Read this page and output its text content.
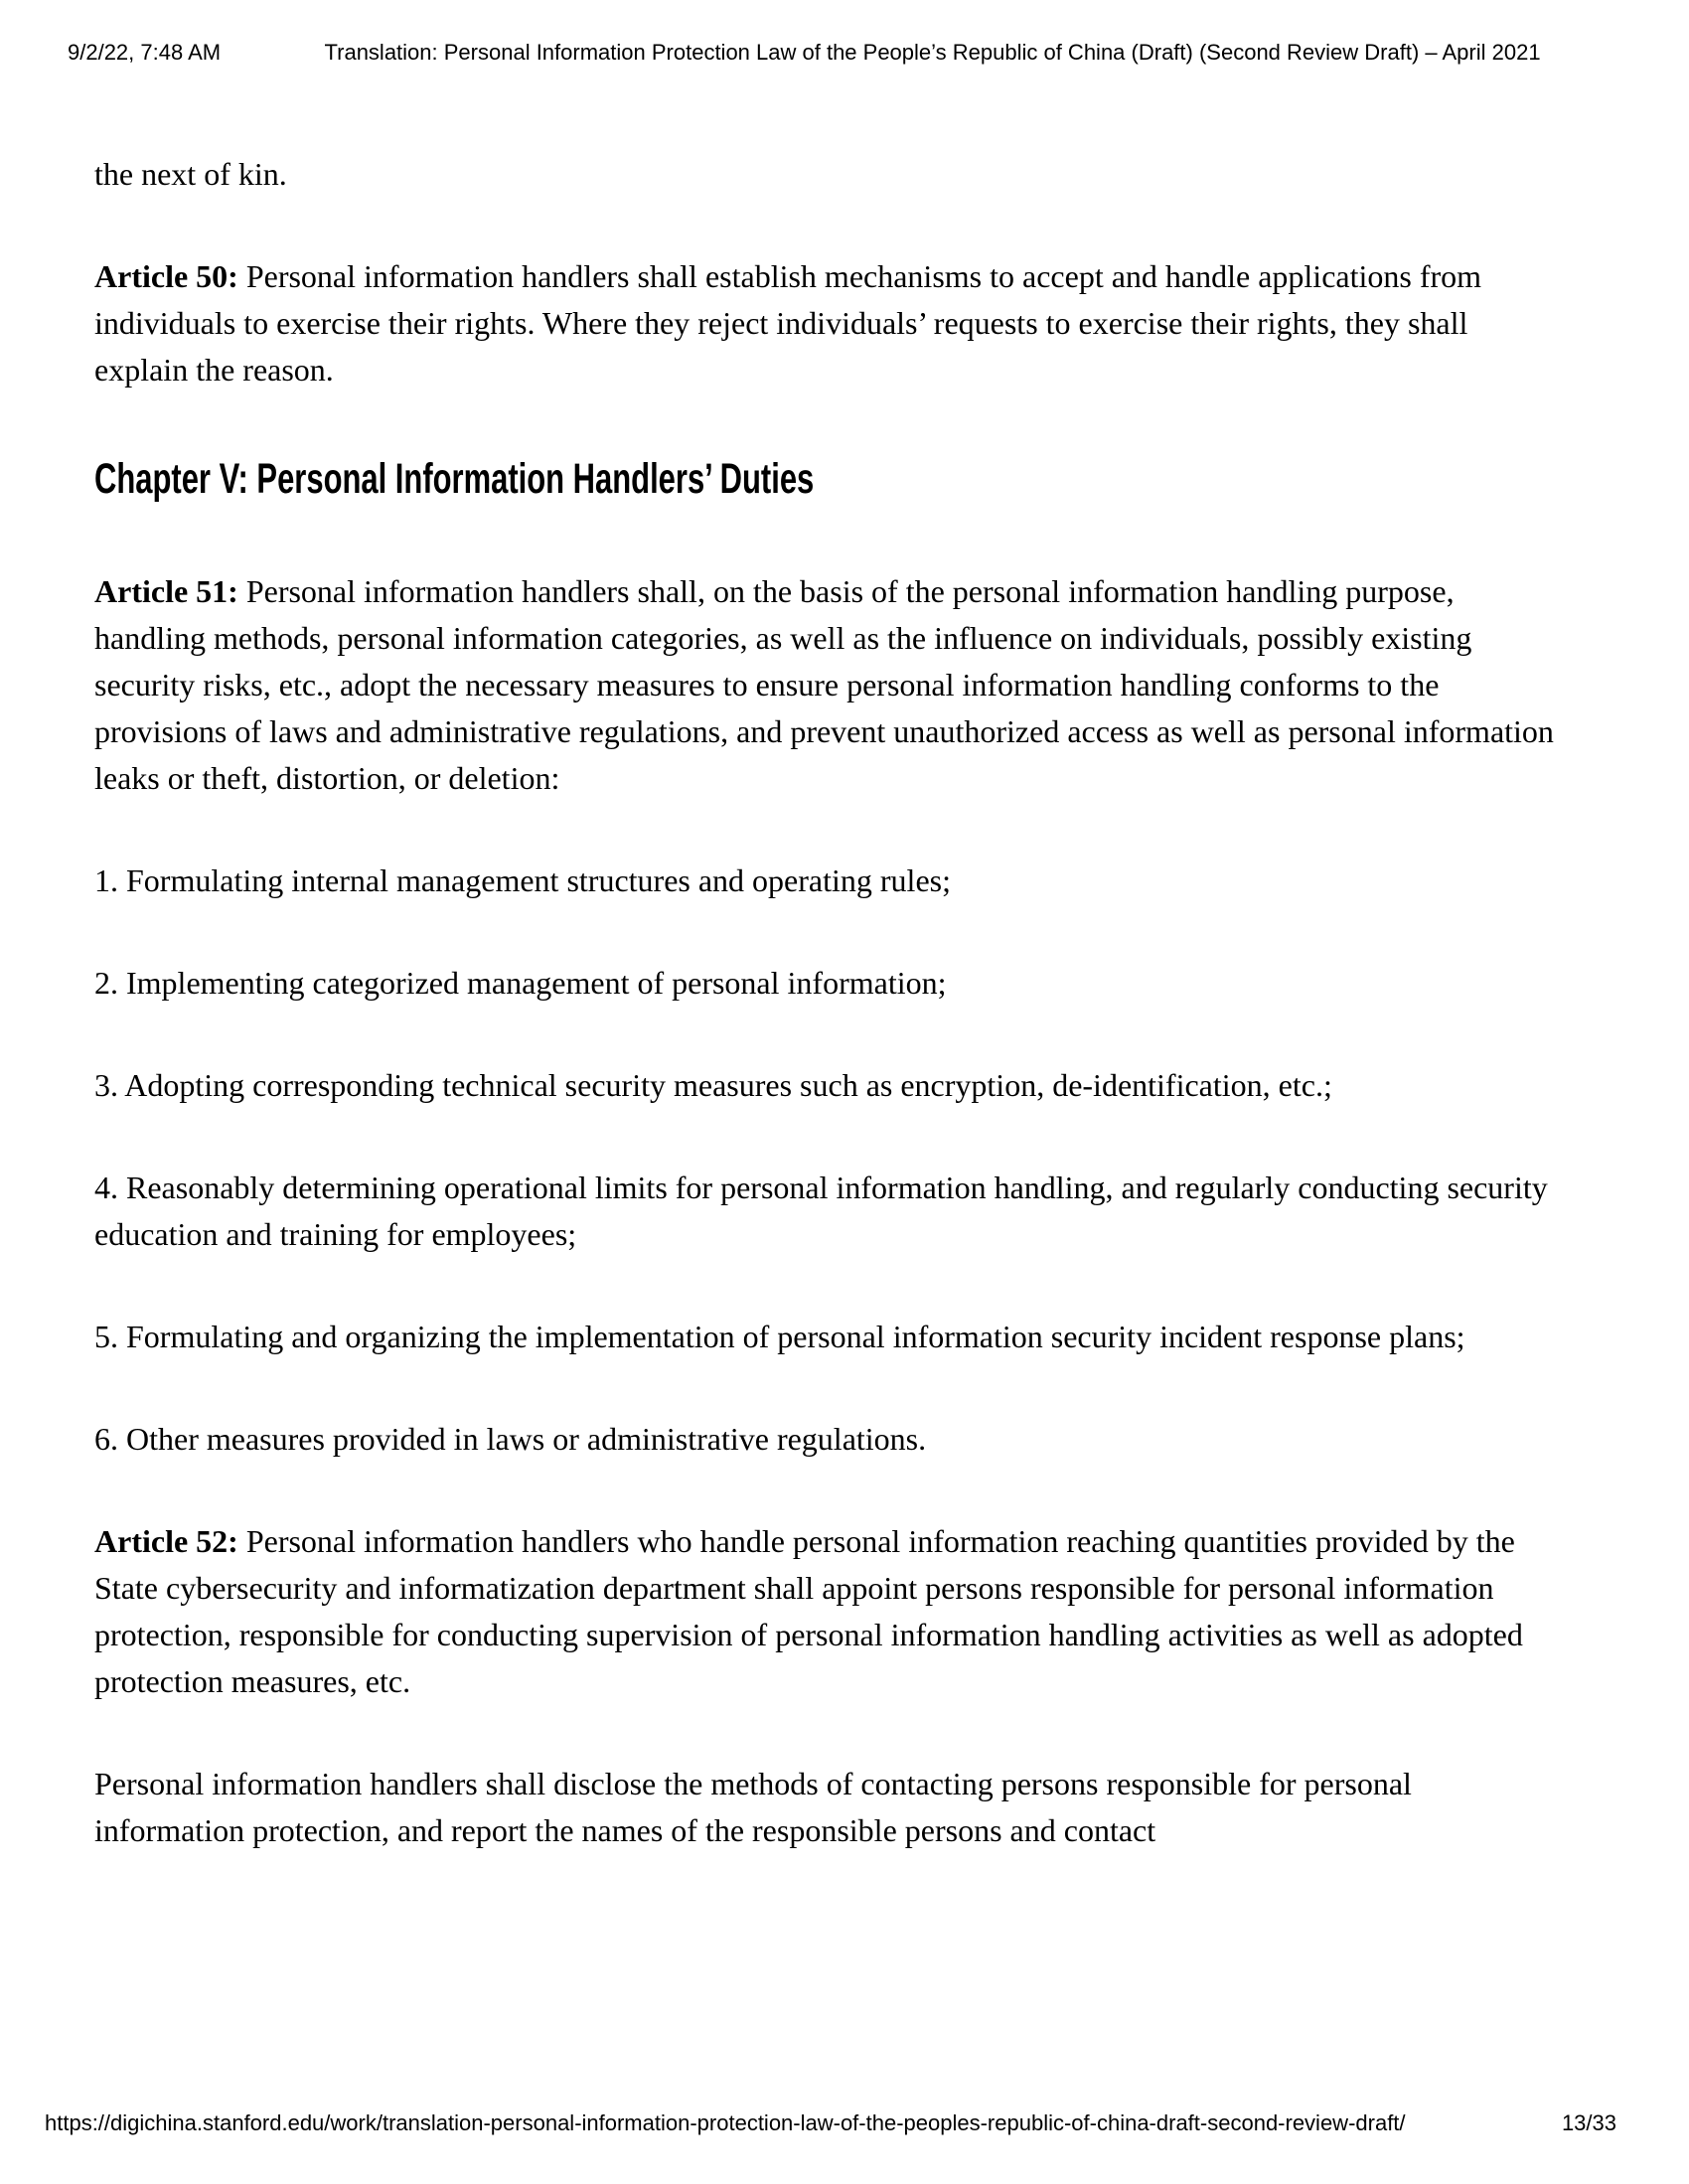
9/2/22, 7:48 AM	Translation: Personal Information Protection Law of the People’s Republic of China (Draft) (Second Review Draft) – April 2021

the next of kin.

Article 50: Personal information handlers shall establish mechanisms to accept and handle applications from individuals to exercise their rights. Where they reject individuals’ requests to exercise their rights, they shall explain the reason.

Chapter V: Personal Information Handlers’ Duties

Article 51: Personal information handlers shall, on the basis of the personal information handling purpose, handling methods, personal information categories, as well as the influence on individuals, possibly existing security risks, etc., adopt the necessary measures to ensure personal information handling conforms to the provisions of laws and administrative regulations, and prevent unauthorized access as well as personal information leaks or theft, distortion, or deletion:

1. Formulating internal management structures and operating rules;

2. Implementing categorized management of personal information;

3. Adopting corresponding technical security measures such as encryption, de-identification, etc.;

4. Reasonably determining operational limits for personal information handling, and regularly conducting security education and training for employees;

5. Formulating and organizing the implementation of personal information security incident response plans;

6. Other measures provided in laws or administrative regulations.

Article 52: Personal information handlers who handle personal information reaching quantities provided by the State cybersecurity and informatization department shall appoint persons responsible for personal information protection, responsible for conducting supervision of personal information handling activities as well as adopted protection measures, etc.

Personal information handlers shall disclose the methods of contacting persons responsible for personal information protection, and report the names of the responsible persons and contact

https://digichina.stanford.edu/work/translation-personal-information-protection-law-of-the-peoples-republic-of-china-draft-second-review-draft/	13/33
